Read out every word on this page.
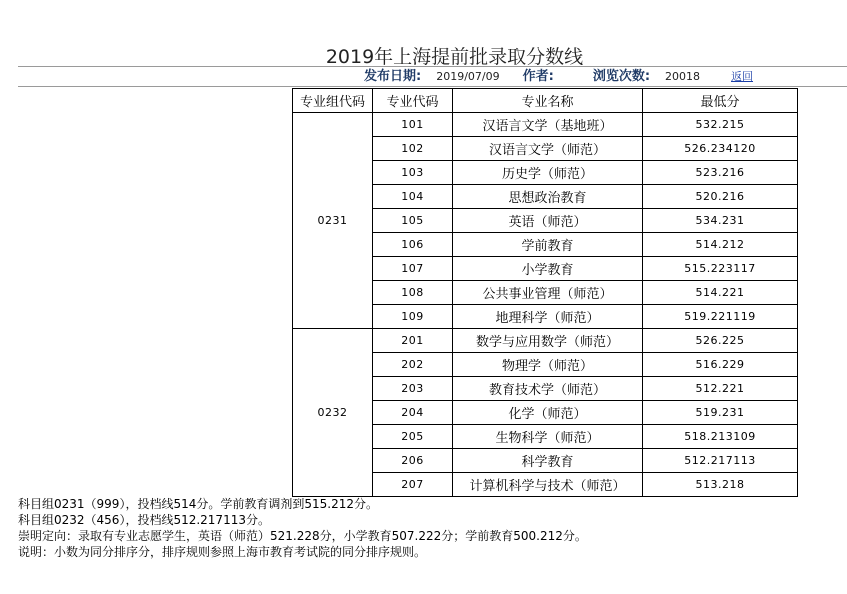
2019年上海提前批录取分数线
发布日期: 2019/07/09 作者:	浏览次数: 20018	返回
专业组代码	专业代码	专业名称	最低分
0231	101	汉语言文学（基地班）	532.215
	102	汉语言文学（师范）	526.234120
	103	历史学（师范）	523.216
	104	思想政治教育	520.216
	105	英语（师范）	534.231
	106	学前教育	514.212
	107	小学教育	515.223117
	108	公共事业管理（师范）	514.221
	109	地理科学（师范）	519.221119
0232	201	数学与应用数学（师范）	526.225
	202	物理学（师范）	516.229
	203	教育技术学（师范）	512.221
	204	化学（师范）	519.231
	205	生物科学（师范）	518.213109
	206	科学教育	512.217113
	207	计算机科学与技术（师范）	513.218
科目组0231（999），投档线514分。学前教育调剂到515.212分。
科目组0232（456），投档线512.217113分。
崇明定向：录取有专业志愿学生，英语（师范）521.228分，小学教育507.222分；学前教育500.212分。
说明：小数为同分排序分，排序规则参照上海市教育考试院的同分排序规则。
